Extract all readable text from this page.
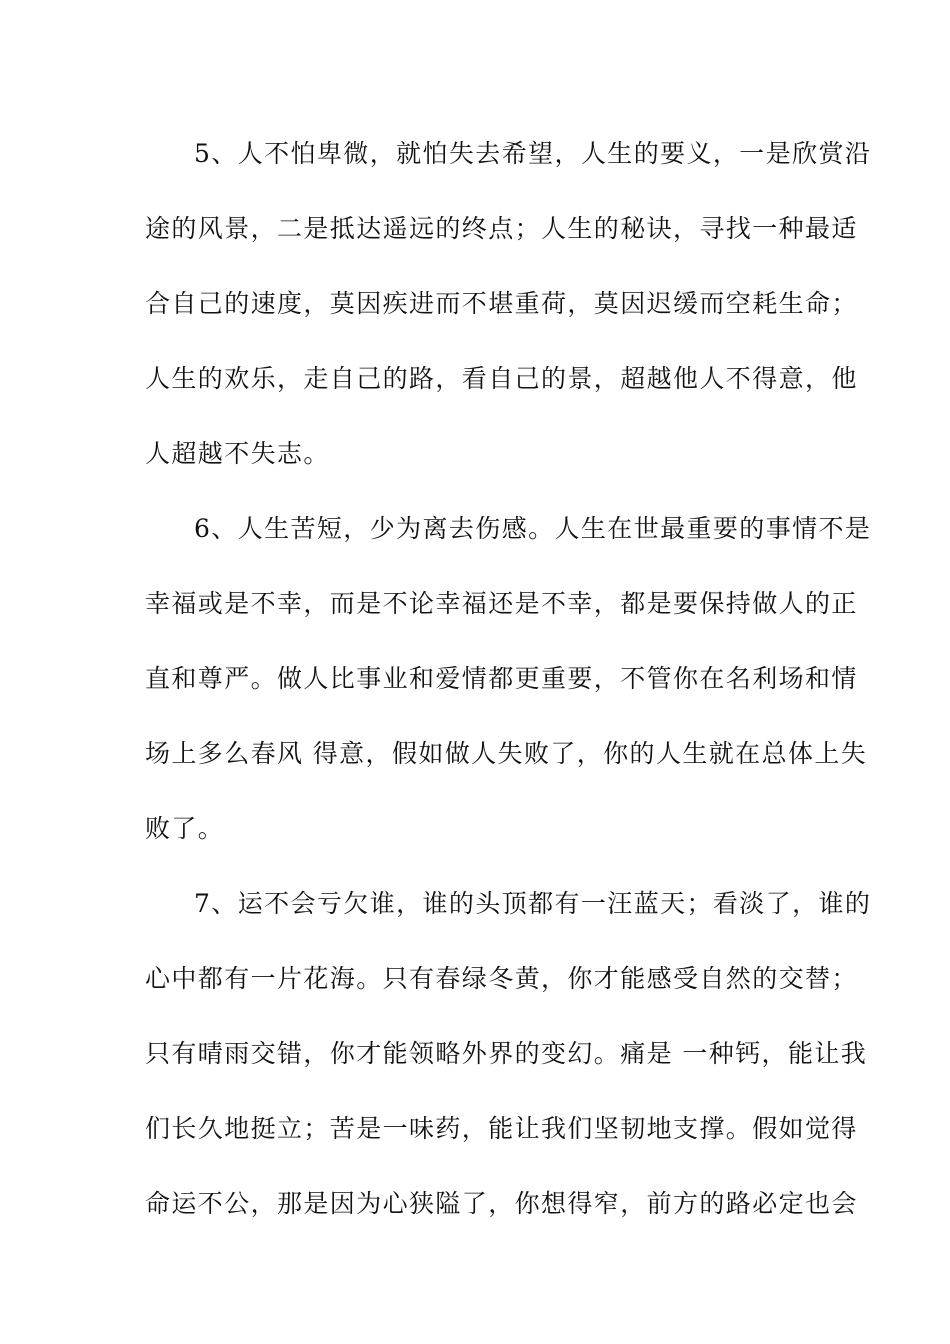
5、人不怕卑微，就怕失去希望，人生的要义，一是欣赏沿
途的风景，二是抵达遥远的终点；人生的秘诀，寻找一种最适
合自己的速度，莫因疾进而不堪重荷，莫因迟缓而空耗生命；
人生的欢乐，走自己的路，看自己的景，超越他人不得意，他
人超越不失志。
6、人生苦短，少为离去伤感。人生在世最重要的事情不是
幸福或是不幸，而是不论幸福还是不幸，都是要保持做人的正
直和尊严。做人比事业和爱情都更重要，不管你在名利场和情
场上多么春风 得意，假如做人失败了，你的人生就在总体上失
败了。
7、运不会亏欠谁，谁的头顶都有一汪蓝天；看淡了，谁的
心中都有一片花海。只有春绿冬黄，你才能感受自然的交替；
只有晴雨交错，你才能领略外界的变幻。痛是 一种钙，能让我
们长久地挺立；苦是一味药，能让我们坚韧地支撑。假如觉得
命运不公，那是因为心狭隘了，你想得窄，前方的路必定也会
